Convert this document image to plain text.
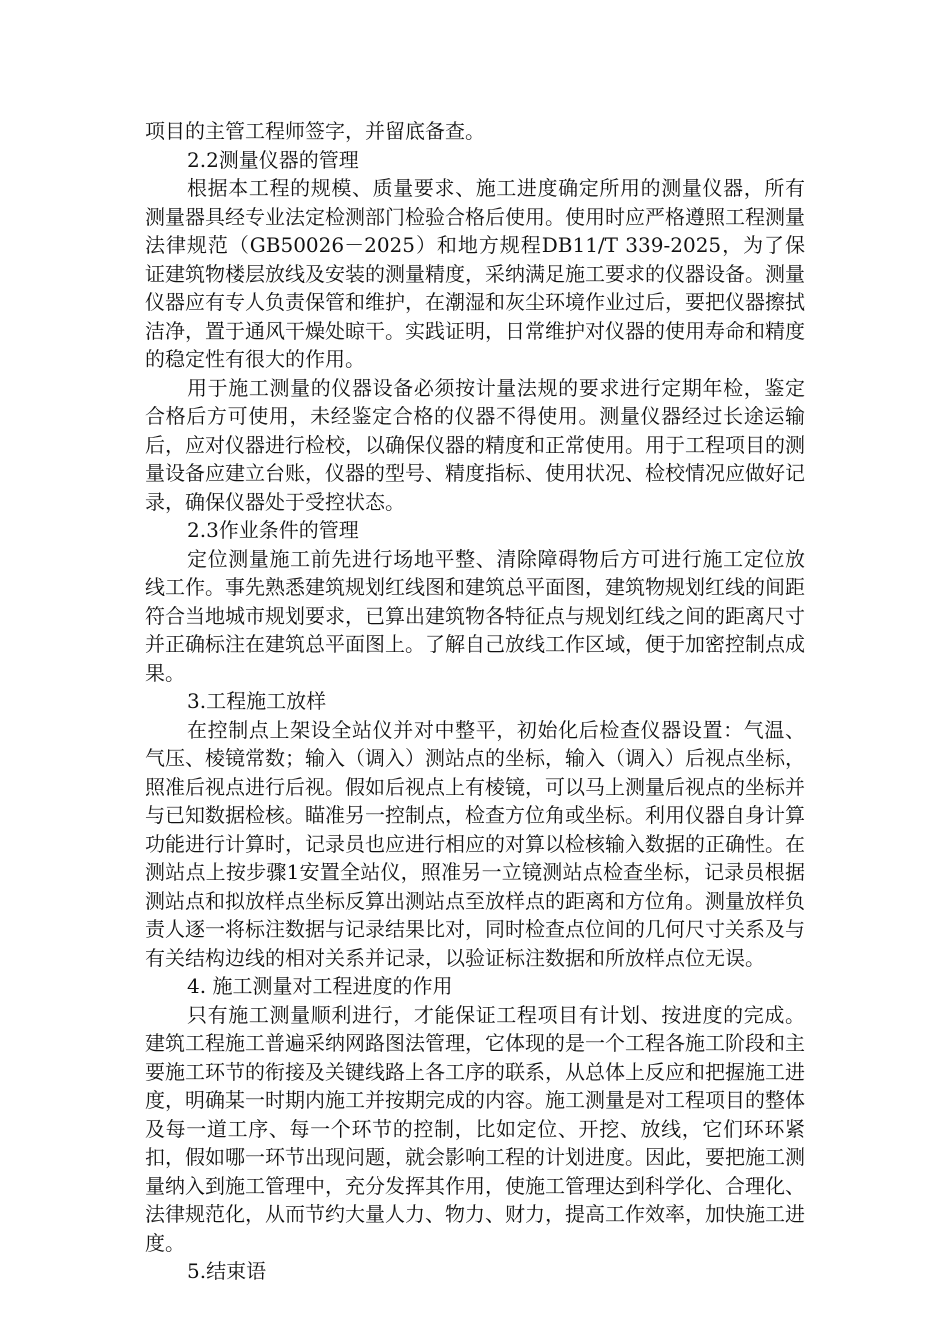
项目的主管工程师签字，并留底备查。

2.2测量仪器的管理

根据本工程的规模、质量要求、施工进度确定所用的测量仪器，所有测量器具经专业法定检测部门检验合格后使用。使用时应严格遵照工程测量法律规范（GB50026－2025）和地方规程DB11/T 339-2025，为了保证建筑物楼层放线及安装的测量精度，采纳满足施工要求的仪器设备。测量仪器应有专人负责保管和维护，在潮湿和灰尘环境作业过后，要把仪器擦拭洁净，置于通风干燥处晾干。实践证明，日常维护对仪器的使用寿命和精度的稳定性有很大的作用。

用于施工测量的仪器设备必须按计量法规的要求进行定期年检，鉴定合格后方可使用，未经鉴定合格的仪器不得使用。测量仪器经过长途运输后，应对仪器进行检校，以确保仪器的精度和正常使用。用于工程项目的测量设备应建立台账，仪器的型号、精度指标、使用状况、检校情况应做好记录，确保仪器处于受控状态。

2.3作业条件的管理

定位测量施工前先进行场地平整、清除障碍物后方可进行施工定位放线工作。事先熟悉建筑规划红线图和建筑总平面图，建筑物规划红线的间距符合当地城市规划要求，已算出建筑物各特征点与规划红线之间的距离尺寸并正确标注在建筑总平面图上。了解自己放线工作区域，便于加密控制点成果。

3.工程施工放样

在控制点上架设全站仪并对中整平，初始化后检查仪器设置：气温、气压、棱镜常数；输入（调入）测站点的坐标，输入（调入）后视点坐标，照准后视点进行后视。假如后视点上有棱镜，可以马上测量后视点的坐标并与已知数据检核。瞄准另一控制点，检查方位角或坐标。利用仪器自身计算功能进行计算时，记录员也应进行相应的对算以检核输入数据的正确性。在测站点上按步骤1安置全站仪，照准另一立镜测站点检查坐标，记录员根据测站点和拟放样点坐标反算出测站点至放样点的距离和方位角。测量放样负责人逐一将标注数据与记录结果比对，同时检查点位间的几何尺寸关系及与有关结构边线的相对关系并记录，以验证标注数据和所放样点位无误。

4. 施工测量对工程进度的作用

只有施工测量顺利进行，才能保证工程项目有计划、按进度的完成。建筑工程施工普遍采纳网路图法管理，它体现的是一个工程各施工阶段和主要施工环节的衔接及关键线路上各工序的联系，从总体上反应和把握施工进度，明确某一时期内施工并按期完成的内容。施工测量是对工程项目的整体及每一道工序、每一个环节的控制，比如定位、开挖、放线，它们环环紧扣，假如哪一环节出现问题，就会影响工程的计划进度。因此，要把施工测量纳入到施工管理中，充分发挥其作用，使施工管理达到科学化、合理化、法律规范化，从而节约大量人力、物力、财力，提高工作效率，加快施工进度。

5.结束语
